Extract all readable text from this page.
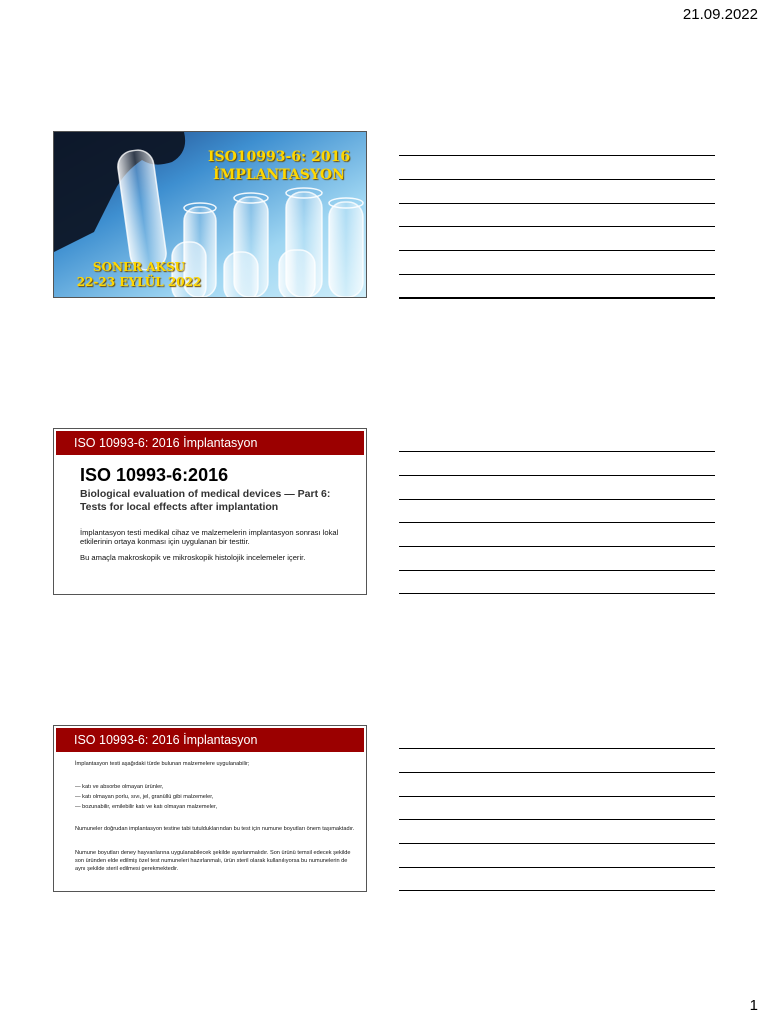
21.09.2022
ISO10993-6: 2016
İMPLANTASYON
SONER AKSU
22-23 EYLÜL 2022
ISO 10993-6: 2016 İmplantasyon
ISO 10993-6:2016
Biological evaluation of medical devices — Part 6: Tests for local effects after implantation
İmplantasyon testi medikal cihaz ve malzemelerin implantasyon sonrası lokal etkilerinin ortaya konması için uygulanan bir testtir.
Bu amaçla makroskopik ve mikroskopik histolojik incelemeler içerir.
ISO 10993-6: 2016 İmplantasyon
İmplantasyon testi aşağıdaki türde bulunan malzemelere uygulanabilir;
— katı ve absorbe olmayan ürünler,
— katı olmayan porlu, sıvı, jel, granüllü gibi malzemeler,
— bozunabilir, emilebilir katı ve katı olmayan malzemeler,
Numuneler doğrudan implantasyon testine tabi tutulduklarından bu test için numune boyutları önem taşımaktadır.
Numune boyutları deney hayvanlarına uygulanabilecek şekilde ayarlanmalıdır. Son ürünü temsil edecek şekilde son üründen elde edilmiş özel test numuneleri hazırlanmalı, ürün steril olarak kullanılıyorsa bu numunelerin de aynı şekilde steril edilmesi gerekmektedir.
1
